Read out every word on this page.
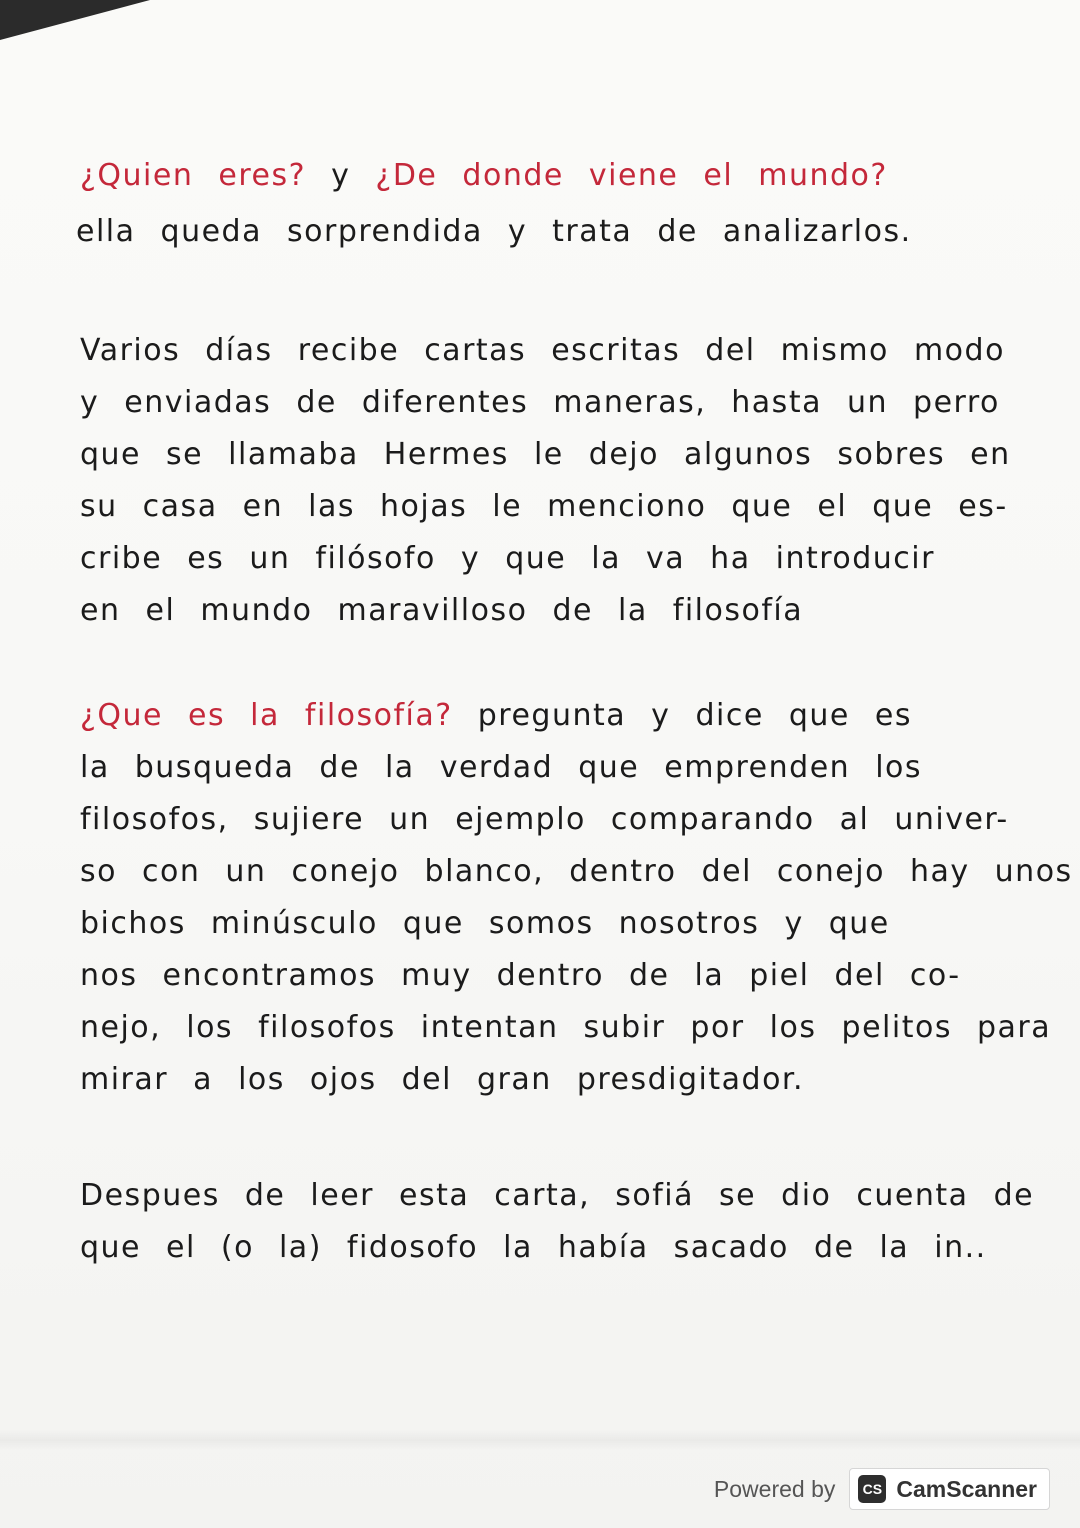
¿Quien eres? y ¿De donde viene el mundo?
ella queda sorprendida y trata de analizarlos.
Varios días recibe cartas escritas del mismo modo
y enviadas de diferentes maneras, hasta un perro
que se llamaba Hermes le dejo algunos sobres en
su casa en las hojas le menciono que el que es-
cribe es un filósofo y que la va ha introducir
en el mundo maravilloso de la filosofía
¿Que es la filosofía? pregunta y dice que es
la busqueda de la verdad que emprenden los
filosofos, sujiere un ejemplo comparando al univer-
so con un conejo blanco, dentro del conejo hay unos
bichos minúsculo que somos nosotros y que
nos encontramos muy dentro de la piel del co-
nejo, los filosofos intentan subir por los pelitos para
mirar a los ojos del gran presdigitador.
Despues de leer esta carta, sofiá se dio cuenta de
que el (o la) fidosofo la había sacado de la in..
Powered by	CS CamScanner
